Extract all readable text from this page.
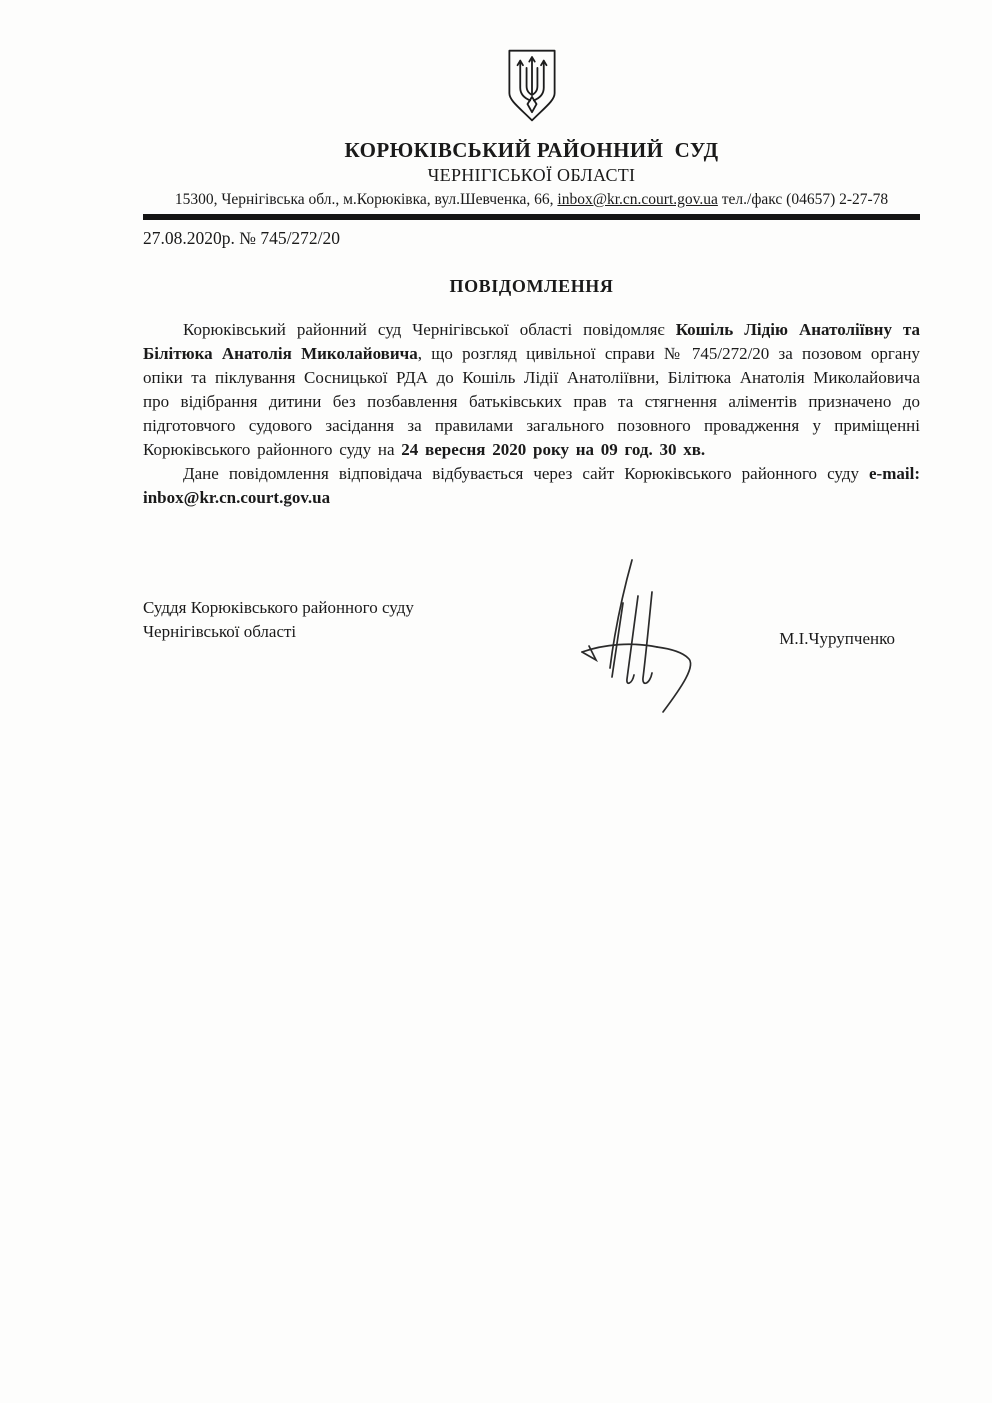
КОРЮКІВСЬКИЙ РАЙОННИЙ  СУД
ЧЕРНІГІСЬКОЇ ОБЛАСТІ
15300, Чернігівська обл., м.Корюківка, вул.Шевченка, 66, inbox@kr.cn.court.gov.ua тел./факс (04657) 2-27-78
27.08.2020р. № 745/272/20
ПОВІДОМЛЕННЯ

Корюківський районний суд Чернігівської області повідомляє Кошіль Лідію Анатоліївну та Білітюка Анатолія Миколайовича, що розгляд цивільної справи № 745/272/20 за позовом органу опіки та піклування Сосницької РДА до Кошіль Лідії Анатоліївни, Білітюка Анатолія Миколайовича про відібрання дитини без позбавлення батьківських прав та стягнення аліментів призначено до підготовчого судового засідання за правилами загального позовного провадження у приміщенні Корюківського районного суду на 24 вересня 2020 року на 09 год. 30 хв.

Дане повідомлення відповідача відбувається через сайт Корюківського районного суду e-mail: inbox@kr.cn.court.gov.ua

Суддя Корюківського районного суду
Чернігівської області	М.І.Чурупченко
